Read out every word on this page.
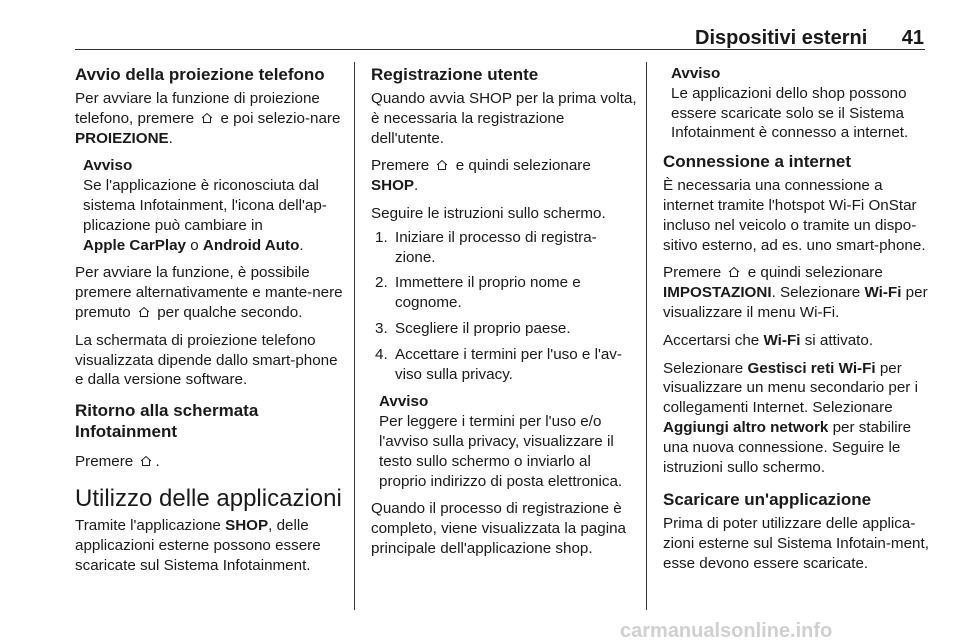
Dispositivi esterni 41
Avvio della proiezione telefono

Per avviare la funzione di proiezione telefono, premere e poi selezio-nare PROIEZIONE.

Avviso
Se l'applicazione è riconosciuta dal sistema Infotainment, l'icona dell'ap-plicazione può cambiare in
Apple CarPlay o Android Auto.

Per avviare la funzione, è possibile premere alternativamente e mante-nere premuto per qualche secondo.

La schermata di proiezione telefono visualizzata dipende dallo smart-phone e dalla versione software.

Ritorno alla schermata Infotainment

Premere .

Utilizzo delle applicazioni

Tramite l'applicazione SHOP, delle applicazioni esterne possono essere scaricate sul Sistema Infotainment.

Registrazione utente

Quando avvia SHOP per la prima volta, è necessaria la registrazione dell'utente.

Premere e quindi selezionare SHOP.

Seguire le istruzioni sullo schermo.

1. Iniziare il processo di registra-zione.
2. Immettere il proprio nome e cognome.
3. Scegliere il proprio paese.
4. Accettare i termini per l'uso e l'av-viso sulla privacy.
Avviso
Per leggere i termini per l'uso e/o l'avviso sulla privacy, visualizzare il testo sullo schermo o inviarlo al proprio indirizzo di posta elettronica.

Quando il processo di registrazione è completo, viene visualizzata la pagina principale dell'applicazione shop.

Avviso
Le applicazioni dello shop possono essere scaricate solo se il Sistema Infotainment è connesso a internet.
Connessione a internet

È necessaria una connessione a internet tramite l'hotspot Wi-Fi OnStar incluso nel veicolo o tramite un dispo-sitivo esterno, ad es. uno smart-phone.

Premere e quindi selezionare IMPOSTAZIONI. Selezionare Wi-Fi per visualizzare il menu Wi-Fi.

Accertarsi che Wi-Fi si attivato.

Selezionare Gestisci reti Wi-Fi per visualizzare un menu secondario per i collegamenti Internet. Selezionare Aggiungi altro network per stabilire una nuova connessione. Seguire le istruzioni sullo schermo.

Scaricare un'applicazione

Prima di poter utilizzare delle applica-zioni esterne sul Sistema Infotain-ment, esse devono essere scaricate.

carmanualsonline.info
